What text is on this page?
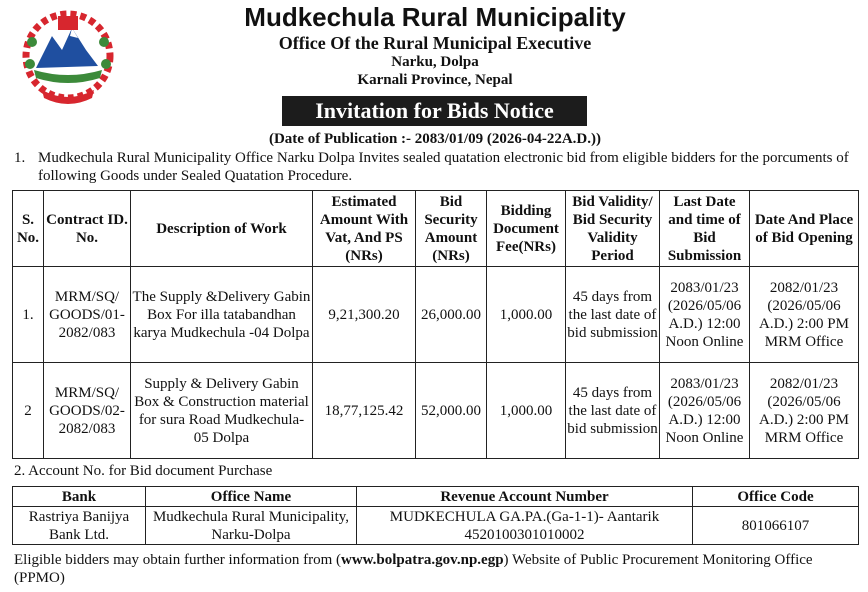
Mudkechula Rural Municipality
Office Of the Rural Municipal Executive
Narku, Dolpa
Karnali Province, Nepal
Invitation for Bids Notice
(Date of Publication :- 2083/01/09 (2026-04-22A.D.))
1. Mudkechula Rural Municipality Office Narku Dolpa Invites sealed quatation electronic bid from eligible bidders for the porcuments of following Goods under Sealed Quatation Procedure.
S. No.	Contract ID. No.	Description of Work	Estimated Amount With Vat, And PS (NRs)	Bid Security Amount (NRs)	Bidding Document Fee(NRs)	Bid Validity/ Bid Security Validity Period	Last Date and time of Bid Submission	Date And Place of Bid Opening
1.	MRM/SQ/ GOODS/01-2082/083	The Supply &Delivery Gabin Box For illa tatabandhan karya Mudkechula -04 Dolpa	9,21,300.20	26,000.00	1,000.00	45 days from the last date of bid submission	2083/01/23 (2026/05/06 A.D.) 12:00 Noon Online	2082/01/23 (2026/05/06 A.D.) 2:00 PM MRM Office
2	MRM/SQ/ GOODS/02-2082/083	Supply & Delivery Gabin Box & Construction material for sura Road Mudkechula-05 Dolpa	18,77,125.42	52,000.00	1,000.00	45 days from the last date of bid submission	2083/01/23 (2026/05/06 A.D.) 12:00 Noon Online	2082/01/23 (2026/05/06 A.D.) 2:00 PM MRM Office
2. Account No. for Bid document Purchase
Bank	Office Name	Revenue Account Number	Office Code
Rastriya Banijya Bank Ltd.	Mudkechula Rural Municipality, Narku-Dolpa	MUDKECHULA GA.PA.(Ga-1-1)- Aantarik 4520100301010002	801066107
Eligible bidders may obtain further information from (www.bolpatra.gov.np.egp) Website of Public Procurement Monitoring Office (PPMO)
